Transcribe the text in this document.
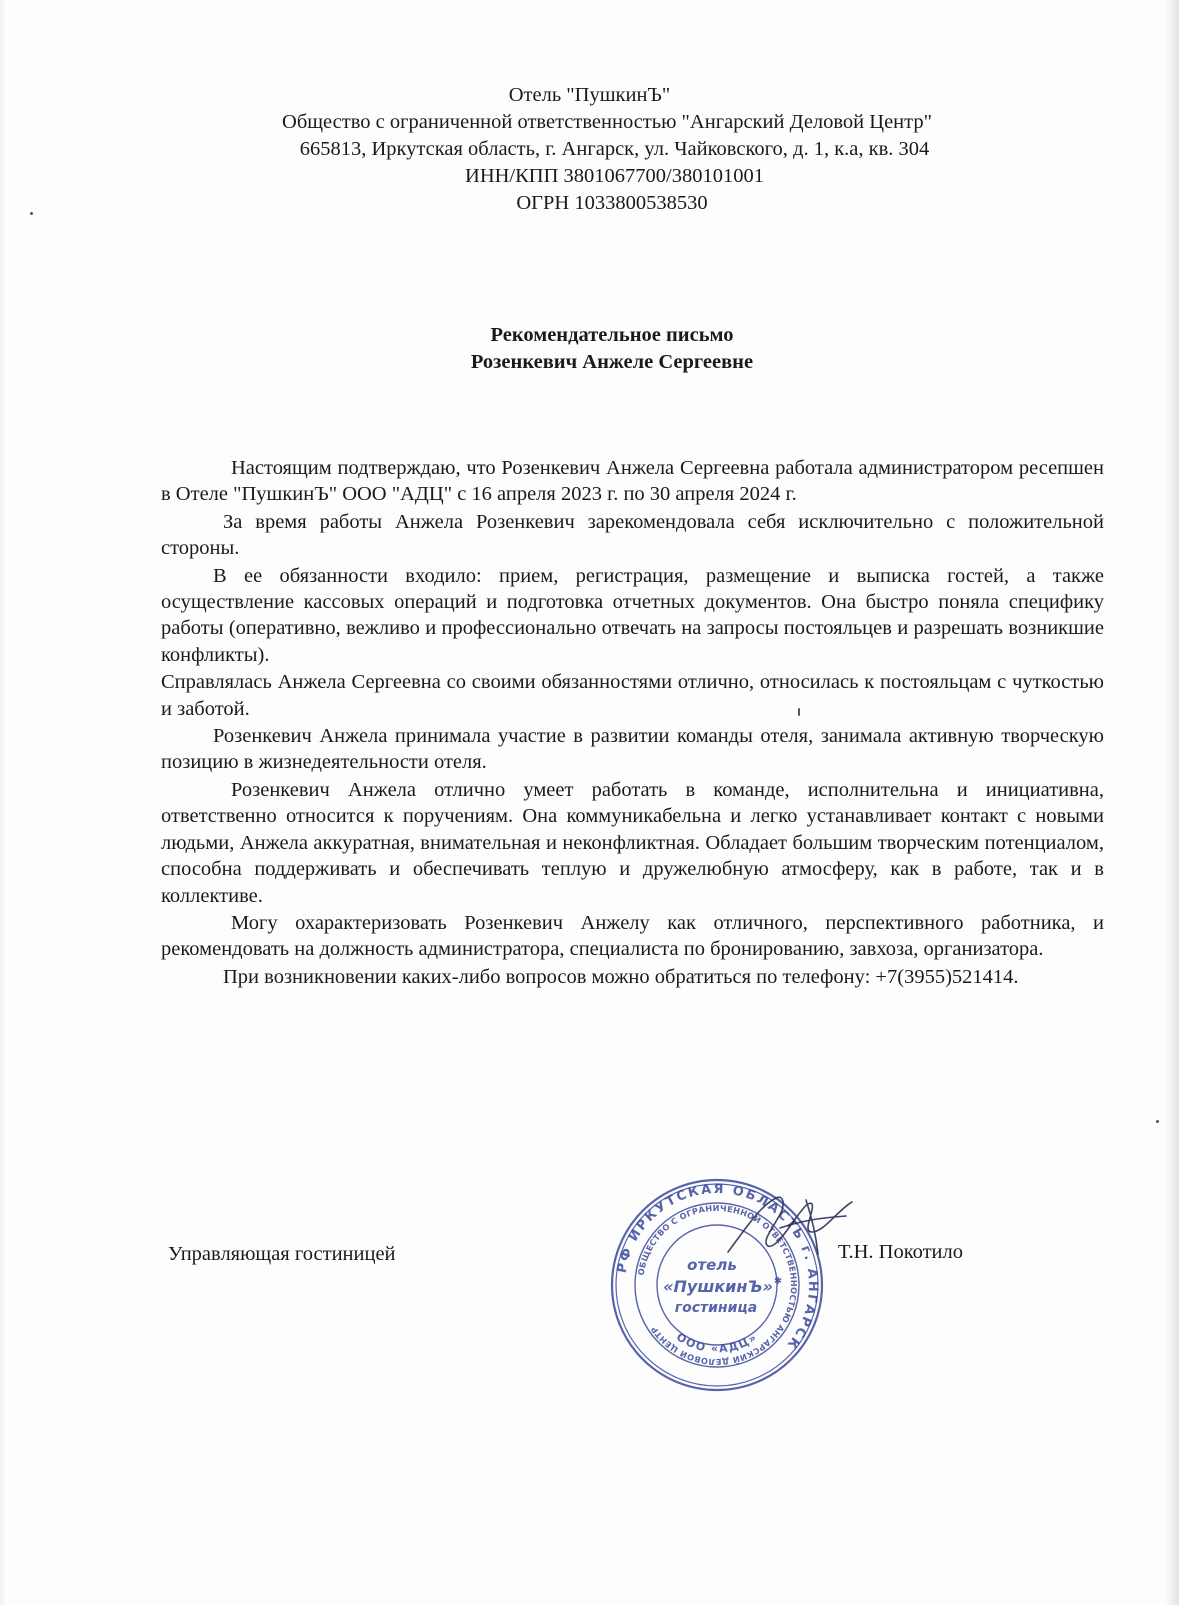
Отель "ПушкинЪ"
Общество с ограниченной ответственностью "Ангарский Деловой Центр"
665813, Иркутская область, г. Ангарск, ул. Чайковского, д. 1, к.а, кв. 304
ИНН/КПП 3801067700/380101001
ОГРН 1033800538530
Рекомендательное письмо
Розенкевич Анжеле Сергеевне

Настоящим подтверждаю, что Розенкевич Анжела Сергеевна работала администратором ресепшен в Отеле "ПушкинЪ" ООО "АДЦ" с 16 апреля 2023 г. по 30 апреля 2024 г.

За время работы Анжела Розенкевич зарекомендовала себя исключительно с положительной стороны.

В ее обязанности входило: прием, регистрация, размещение и выписка гостей, а также осуществление кассовых операций и подготовка отчетных документов. Она быстро поняла специфику работы (оперативно, вежливо и профессионально отвечать на запросы постояльцев и разрешать возникшие конфликты).

Справлялась Анжела Сергеевна со своими обязанностями отлично, относилась к постояльцам с чуткостью и заботой.

Розенкевич Анжела принимала участие в развитии команды отеля, занимала активную творческую позицию в жизнедеятельности отеля.

Розенкевич Анжела отлично умеет работать в команде, исполнительна и инициативна, ответственно относится к поручениям. Она коммуникабельна и легко устанавливает контакт с новыми людьми, Анжела аккуратная, внимательная и неконфликтная. Обладает большим творческим потенциалом, способна поддерживать и обеспечивать теплую и дружелюбную атмосферу, как в работе, так и в коллективе.

Могу охарактеризовать Розенкевич Анжелу как отличного, перспективного работника, и рекомендовать на должность администратора, специалиста по бронированию, завхоза, организатора.

При возникновении каких-либо вопросов можно обратиться по телефону: +7(3955)521414.

Управляющая гостиницей
РФ ИРКУТСКАЯ ОБЛАСТЬ г. АНГАРСК
ОБЩЕСТВО С ОГРАНИЧЕННОЙ ОТВЕТСТВЕННОСТЬЮ АНГАРСКИЙ ДЕЛОВОЙ ЦЕНТР
ООО «АДЦ»
отель
«ПушкинЪ»
гостиница
✱
Т.Н. Покотило
